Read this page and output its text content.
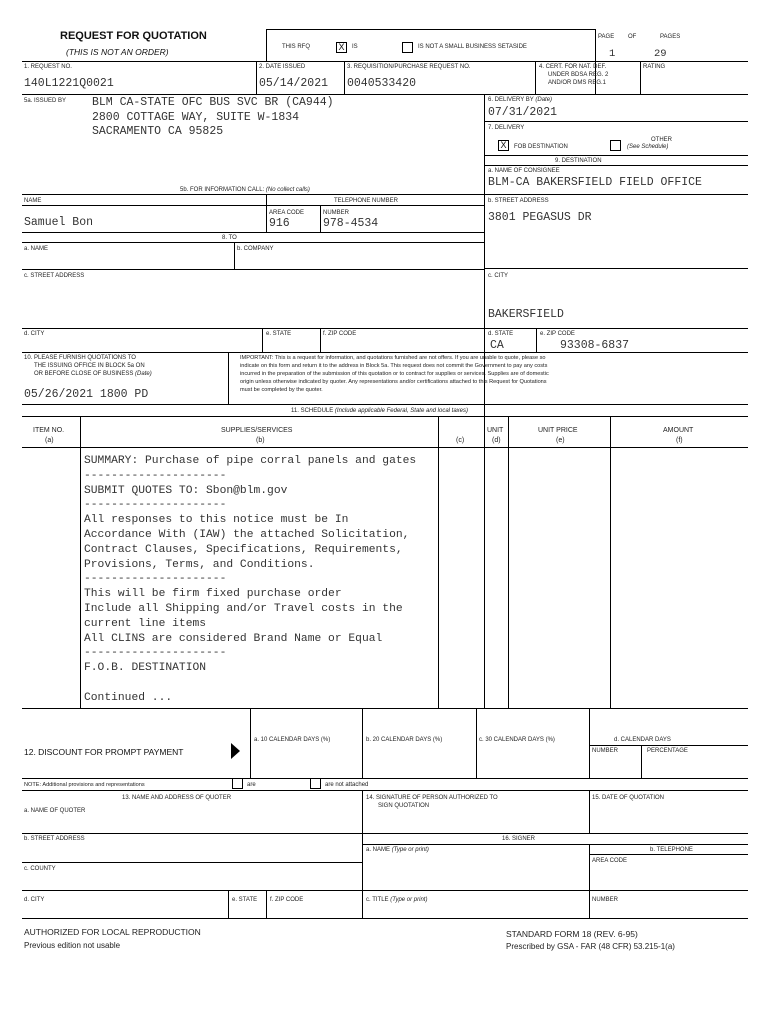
REQUEST FOR QUOTATION
(THIS IS NOT AN ORDER)	THIS RFQ	X	IS	IS NOT A SMALL BUSINESS SETASIDE
PAGE OF	PAGES
1	29
1. REQUEST NO.
140L1221Q0021
2. DATE ISSUED
05/14/2021
3. REQUISITION/PURCHASE REQUEST NO.
0040533420
4. CERT. FOR NAT. DEF.
UNDER BDSA REG. 2
AND/OR DMS REG.1
RATING
5a. ISSUED BY BLM CA-STATE OFC BUS SVC BR (CA944)
2800 COTTAGE WAY, SUITE W-1834
SACRAMENTO CA 95825
6. DELIVERY BY (Date)
07/31/2021
7. DELIVERY
X	FOB DESTINATION
OTHER
(See Schedule)
9. DESTINATION
a. NAME OF CONSIGNEE
BLM-CA BAKERSFIELD FIELD OFFICE
b. STREET ADDRESS
3801 PEGASUS DR
c. CITY
BAKERSFIELD
d. STATE
CA
e. ZIP CODE
93308-6837
5b. FOR INFORMATION CALL: (No collect calls)
NAME
Samuel Bon
TELEPHONE NUMBER
AREA CODE
916
NUMBER
978-4534
8. TO
a. NAME	b. COMPANY
c. STREET ADDRESS
d. CITY	e. STATE	f. ZIP CODE
10. PLEASE FURNISH QUOTATIONS TO
THE ISSUING OFFICE IN BLOCK 5a ON
OR BEFORE CLOSE OF BUSINESS (Date)
05/26/2021 1800 PD
IMPORTANT: This is a request for information, and quotations furnished are not offers. If you are unable to quote, please so
indicate on this form and return it to the address in Block 5a. This request does not commit the Government to pay any costs
incurred in the preparation of the submission of this quotation or to contract for supplies or services. Supplies are of domestic
origin unless otherwise indicated by quoter. Any representations and/or certifications attached to this Request for Quotations
must be completed by the quoter.
11. SCHEDULE (Include applicable Federal, State and local taxes)
ITEM NO.
(a)
SUPPLIES/SERVICES
(b)	(c)
UNIT
(d)
UNIT PRICE
(e)
AMOUNT
(f)
SUMMARY: Purchase of pipe corral panels and gates
---------------------
SUBMIT QUOTES TO: Sbon@blm.gov
---------------------
All responses to this notice must be In
Accordance With (IAW) the attached Solicitation,
Contract Clauses, Specifications, Requirements,
Provisions, Terms, and Conditions.
---------------------
This will be firm fixed purchase order
Include all Shipping and/or Travel costs in the
current line items
All CLINS are considered Brand Name or Equal
---------------------
F.O.B. DESTINATION

Continued ...
12. DISCOUNT FOR PROMPT PAYMENT
a. 10 CALENDAR DAYS (%)	b. 20 CALENDAR DAYS (%)	c. 30 CALENDAR DAYS (%)	d. CALENDAR DAYS
NUMBER	PERCENTAGE
NOTE: Additional provisions and representations	are	are not attached
13. NAME AND ADDRESS OF QUOTER
a. NAME OF QUOTER
b. STREET ADDRESS
c. COUNTY
d. CITY	e. STATE f. ZIP CODE
14. SIGNATURE OF PERSON AUTHORIZED TO
SIGN QUOTATION
15. DATE OF QUOTATION
16. SIGNER
a. NAME (Type or print)	b. TELEPHONE
AREA CODE
c. TITLE (Type or print)	NUMBER
AUTHORIZED FOR LOCAL REPRODUCTION
Previous edition not usable
STANDARD FORM 18 (REV. 6-95)
Prescribed by GSA - FAR (48 CFR) 53.215-1(a)
